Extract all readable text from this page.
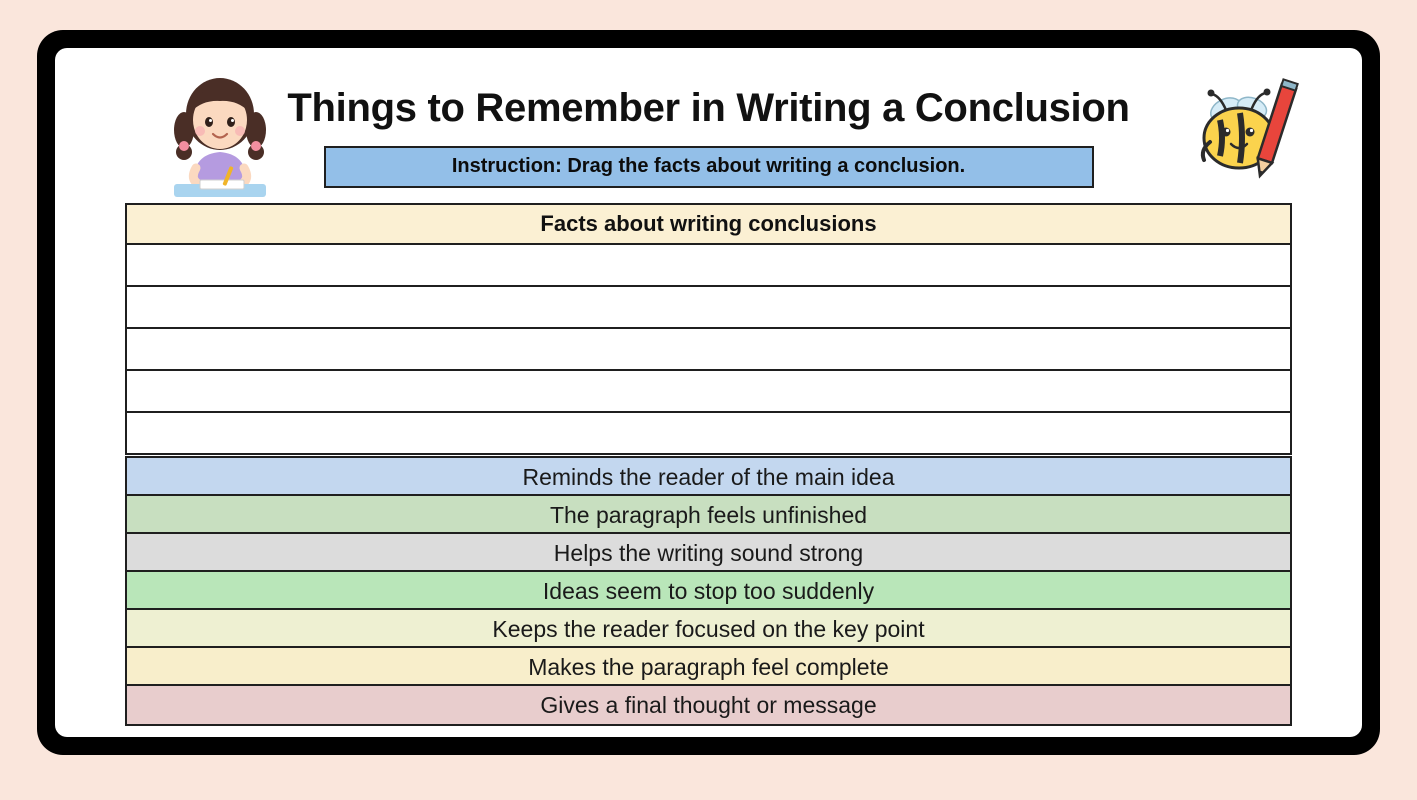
Things to Remember in Writing a Conclusion
Instruction: Drag the facts about writing a conclusion.
Facts about writing conclusions
Reminds the reader of the main idea
The paragraph feels unfinished
Helps the writing sound strong
Ideas seem to stop too suddenly
Keeps the reader focused on the key point
Makes the paragraph feel complete
Gives a final thought or message
